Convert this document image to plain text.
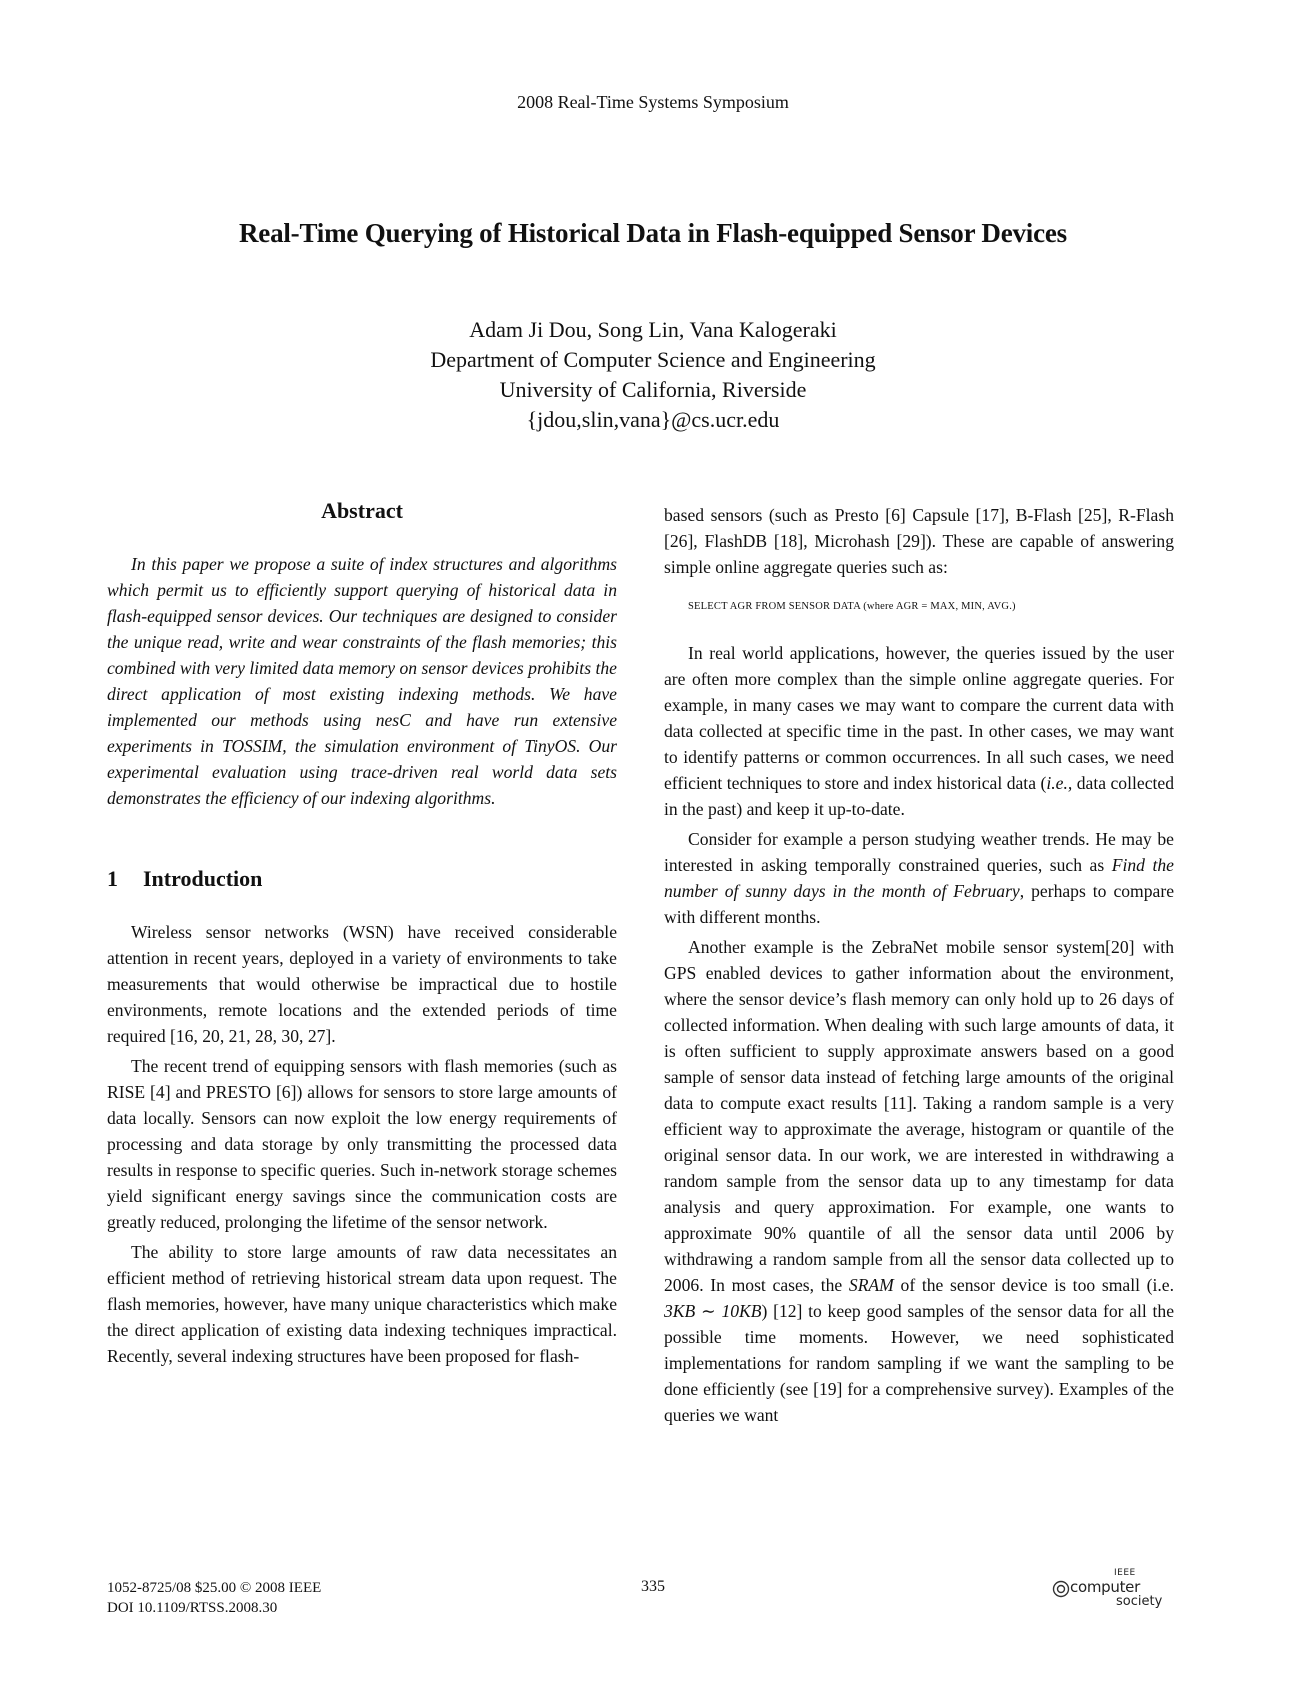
2008 Real-Time Systems Symposium
Real-Time Querying of Historical Data in Flash-equipped Sensor Devices
Adam Ji Dou, Song Lin, Vana Kalogeraki
Department of Computer Science and Engineering
University of California, Riverside
{jdou,slin,vana}@cs.ucr.edu
Abstract

In this paper we propose a suite of index structures and algorithms which permit us to efficiently support querying of historical data in flash-equipped sensor devices. Our techniques are designed to consider the unique read, write and wear constraints of the flash memories; this combined with very limited data memory on sensor devices prohibits the direct application of most existing indexing methods. We have implemented our methods using nesC and have run extensive experiments in TOSSIM, the simulation environment of TinyOS. Our experimental evaluation using trace-driven real world data sets demonstrates the efficiency of our indexing algorithms.

1 Introduction

Wireless sensor networks (WSN) have received considerable attention in recent years, deployed in a variety of environments to take measurements that would otherwise be impractical due to hostile environments, remote locations and the extended periods of time required [16, 20, 21, 28, 30, 27].

The recent trend of equipping sensors with flash memories (such as RISE [4] and PRESTO [6]) allows for sensors to store large amounts of data locally. Sensors can now exploit the low energy requirements of processing and data storage by only transmitting the processed data results in response to specific queries. Such in-network storage schemes yield significant energy savings since the communication costs are greatly reduced, prolonging the lifetime of the sensor network.

The ability to store large amounts of raw data necessitates an efficient method of retrieving historical stream data upon request. The flash memories, however, have many unique characteristics which make the direct application of existing data indexing techniques impractical. Recently, several indexing structures have been proposed for flash-

based sensors (such as Presto [6] Capsule [17], B-Flash [25], R-Flash [26], FlashDB [18], Microhash [29]). These are capable of answering simple online aggregate queries such as:

SELECT AGR FROM SENSOR DATA (where AGR = MAX, MIN, AVG.)

In real world applications, however, the queries issued by the user are often more complex than the simple online aggregate queries. For example, in many cases we may want to compare the current data with data collected at specific time in the past. In other cases, we may want to identify patterns or common occurrences. In all such cases, we need efficient techniques to store and index historical data (i.e., data collected in the past) and keep it up-to-date.

Consider for example a person studying weather trends. He may be interested in asking temporally constrained queries, such as Find the number of sunny days in the month of February, perhaps to compare with different months.

Another example is the ZebraNet mobile sensor system[20] with GPS enabled devices to gather information about the environment, where the sensor device’s flash memory can only hold up to 26 days of collected information. When dealing with such large amounts of data, it is often sufficient to supply approximate answers based on a good sample of sensor data instead of fetching large amounts of the original data to compute exact results [11]. Taking a random sample is a very efficient way to approximate the average, histogram or quantile of the original sensor data. In our work, we are interested in withdrawing a random sample from the sensor data up to any timestamp for data analysis and query approximation. For example, one wants to approximate 90% quantile of all the sensor data until 2006 by withdrawing a random sample from all the sensor data collected up to 2006. In most cases, the SRAM of the sensor device is too small (i.e. 3KB ∼ 10KB) [12] to keep good samples of the sensor data for all the possible time moments. However, we need sophisticated implementations for random sampling if we want the sampling to be done efficiently (see [19] for a comprehensive survey). Examples of the queries we want

1052-8725/08 $25.00 © 2008 IEEE
DOI 10.1109/RTSS.2008.30
335
IEEE
computer
society
